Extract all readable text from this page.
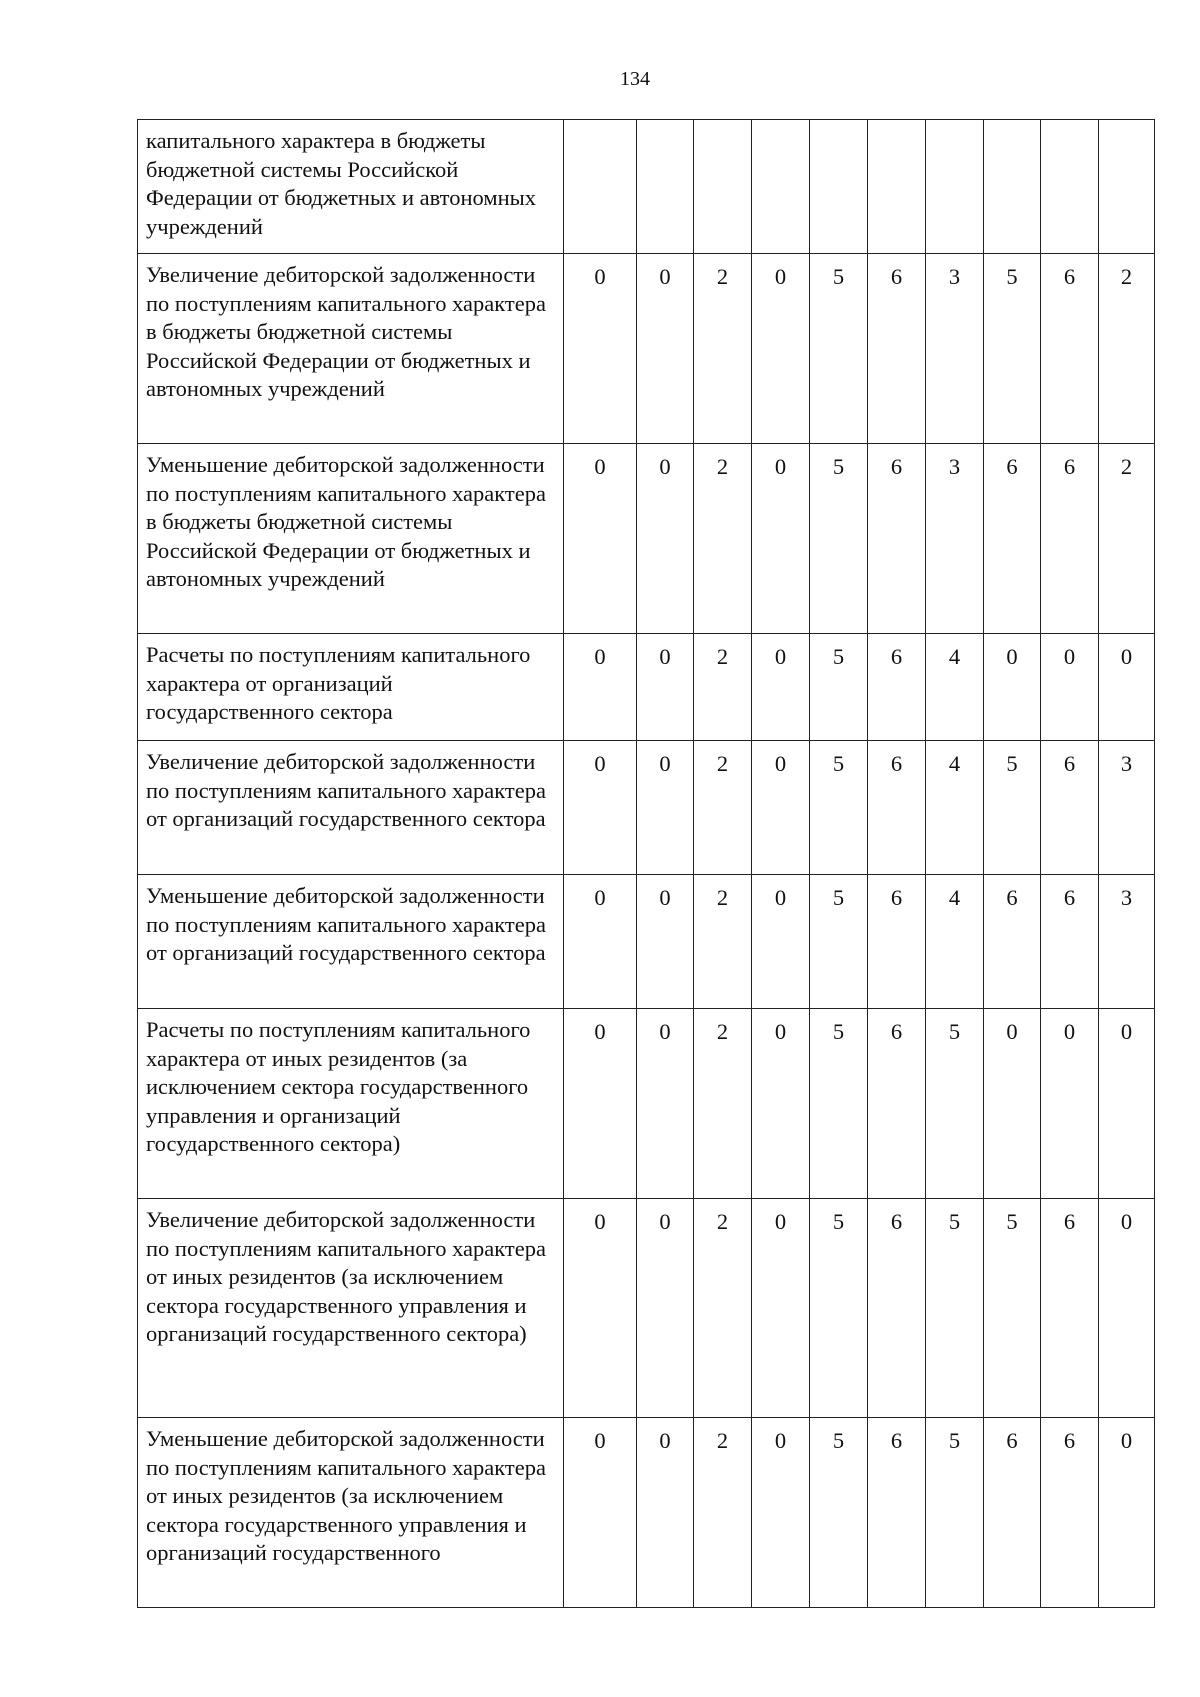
134
капитального характера в бюджеты бюджетной системы Российской Федерации от бюджетных и автономных учреждений										
Увеличение дебиторской задолженности по поступлениям капитального характера в бюджеты бюджетной системы Российской Федерации от бюджетных и автономных учреждений	0	0	2	0	5	6	3	5	6	2
Уменьшение дебиторской задолженности по поступлениям капитального характера в бюджеты бюджетной системы Российской Федерации от бюджетных и автономных учреждений	0	0	2	0	5	6	3	6	6	2
Расчеты по поступлениям капитального характера от организаций государственного сектора	0	0	2	0	5	6	4	0	0	0
Увеличение дебиторской задолженности по поступлениям капитального характера от организаций государственного сектора	0	0	2	0	5	6	4	5	6	3
Уменьшение дебиторской задолженности по поступлениям капитального характера от организаций государственного сектора	0	0	2	0	5	6	4	6	6	3
Расчеты по поступлениям капитального характера от иных резидентов (за исключением сектора государственного управления и организаций государственного сектора)	0	0	2	0	5	6	5	0	0	0
Увеличение дебиторской задолженности по поступлениям капитального характера от иных резидентов (за исключением сектора государственного управления и организаций государственного сектора)	0	0	2	0	5	6	5	5	6	0
Уменьшение дебиторской задолженности по поступлениям капитального характера от иных резидентов (за исключением сектора государственного управления и организаций государственного	0	0	2	0	5	6	5	6	6	0
